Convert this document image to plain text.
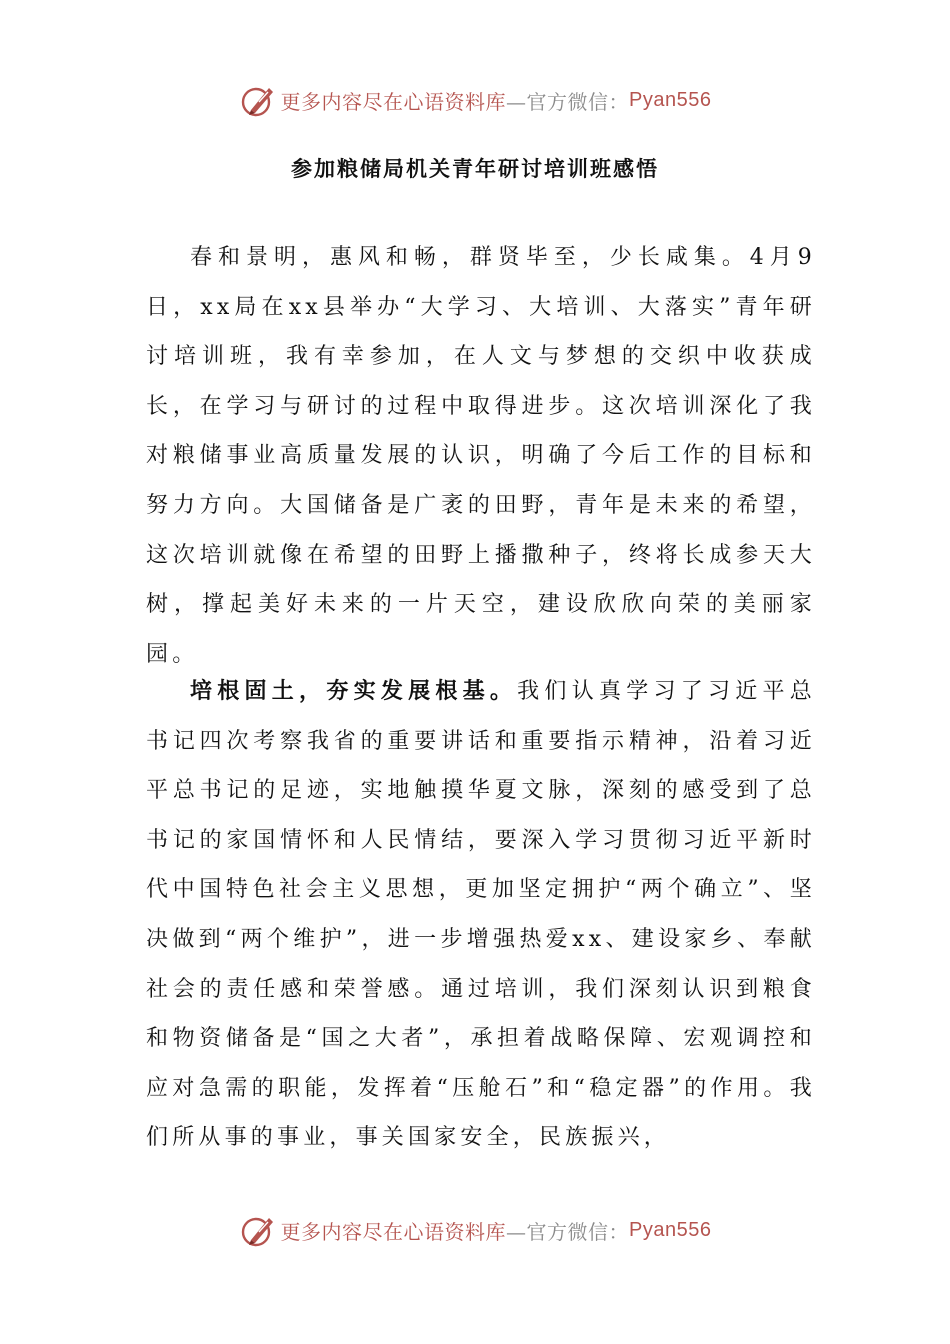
更多内容尽在心语资料库 —官方微信： Pyan556
参加粮储局机关青年研讨培训班感悟

春和景明，惠风和畅，群贤毕至，少长咸集。4月9日，xx局在xx县举办“大学习、大培训、大落实”青年研讨培训班，我有幸参加，在人文与梦想的交织中收获成长，在学习与研讨的过程中取得进步。这次培训深化了我对粮储事业高质量发展的认识，明确了今后工作的目标和努力方向。大国储备是广袤的田野，青年是未来的希望，这次培训就像在希望的田野上播撒种子，终将长成参天大树，撑起美好未来的一片天空，建设欣欣向荣的美丽家园。

培根固土，夯实发展根基。我们认真学习了习近平总书记四次考察我省的重要讲话和重要指示精神，沿着习近平总书记的足迹，实地触摸华夏文脉，深刻的感受到了总书记的家国情怀和人民情结，要深入学习贯彻习近平新时代中国特色社会主义思想，更加坚定拥护“两个确立”、坚决做到“两个维护”，进一步增强热爱xx、建设家乡、奉献社会的责任感和荣誉感。通过培训，我们深刻认识到粮食和物资储备是“国之大者”，承担着战略保障、宏观调控和应对急需的职能，发挥着“压舱石”和“稳定器”的作用。我们所从事的事业，事关国家安全，民族振兴，

更多内容尽在心语资料库 —官方微信： Pyan556
